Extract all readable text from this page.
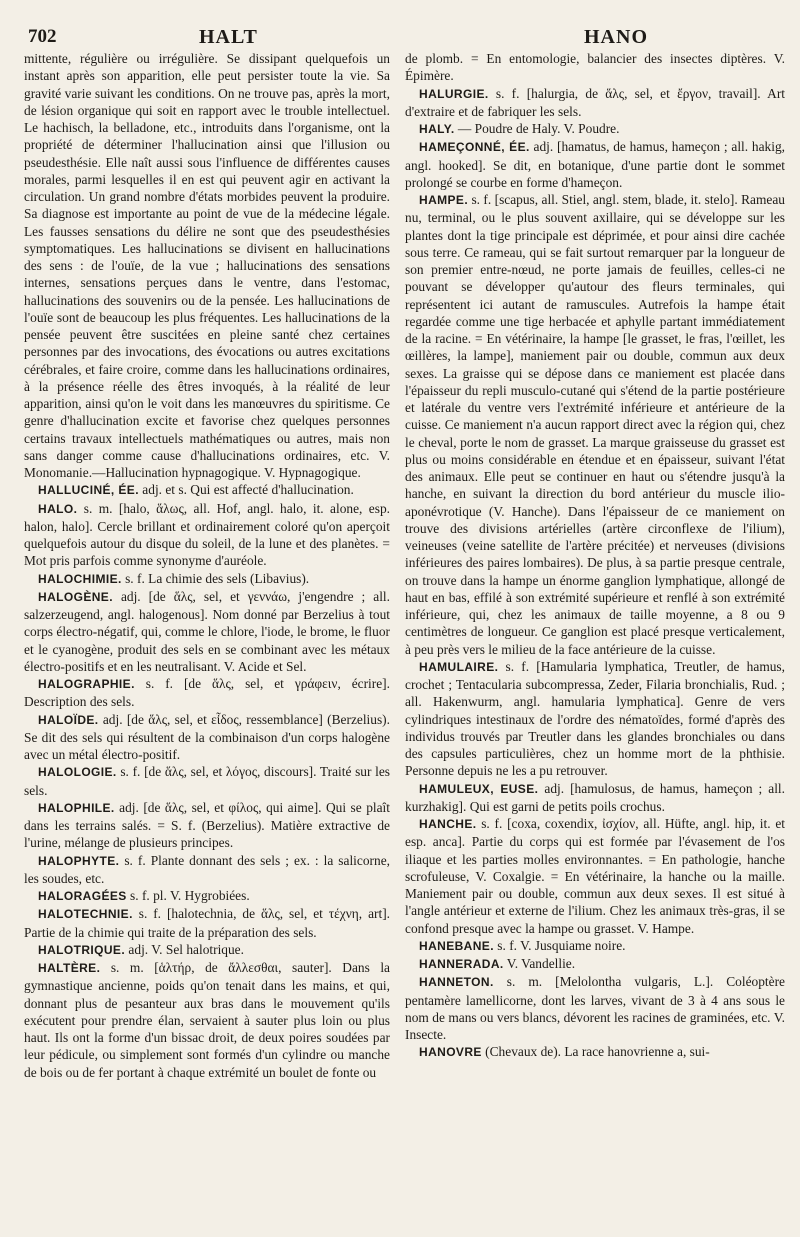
702	HALT	HANO

mittente, régulière ou irrégulière. Se dissipant quelquefois un instant après son apparition, elle peut persister toute la vie. Sa gravité varie suivant les conditions. On ne trouve pas, après la mort, de lésion organique qui soit en rapport avec le trouble intellectuel. Le hachisch, la belladone, etc., introduits dans l'organisme, ont la propriété de déterminer l'hallucination ainsi que l'illusion ou pseudesthésie. Elle naît aussi sous l'influence de différentes causes morales, parmi lesquelles il en est qui peuvent agir en activant la circulation. Un grand nombre d'états morbides peuvent la produire. Sa diagnose est importante au point de vue de la médecine légale. Les fausses sensations du délire ne sont que des pseudesthésies symptomatiques. Les hallucinations se divisent en hallucinations des sens : de l'ouïe, de la vue ; hallucinations des sensations internes, sensations perçues dans le ventre, dans l'estomac, hallucinations des souvenirs ou de la pensée. Les hallucinations de l'ouïe sont de beaucoup les plus fréquentes. Les hallucinations de la pensée peuvent être suscitées en pleine santé chez certaines personnes par des invocations, des évocations ou autres excitations cérébrales, et faire croire, comme dans les hallucinations ordinaires, à la présence réelle des êtres invoqués, à la réalité de leur apparition, ainsi qu'on le voit dans les manœuvres du spiritisme. Ce genre d'hallucination excite et favorise chez quelques personnes certains travaux intellectuels mathématiques ou autres, mais non sans danger comme cause d'hallucinations ordinaires, etc. V. Monomanie.—Hallucination hypnagogique. V. Hypnagogique.

HALLUCINÉ, ÉE. adj. et s. Qui est affecté d'hallucination.

HALO. s. m. [halo, ἅλως, all. Hof, angl. halo, it. alone, esp. halon, halo]. Cercle brillant et ordinairement coloré qu'on aperçoit quelquefois autour du disque du soleil, de la lune et des planètes. = Mot pris parfois comme synonyme d'auréole.

HALOCHIMIE. s. f. La chimie des sels (Libavius).

HALOGÈNE. adj. [de ἅλς, sel, et γεννάω, j'engendre ; all. salzerzeugend, angl. halogenous]. Nom donné par Berzelius à tout corps électro-négatif, qui, comme le chlore, l'iode, le brome, le fluor et le cyanogène, produit des sels en se combinant avec les métaux électro-positifs et en les neutralisant. V. Acide et Sel.

HALOGRAPHIE. s. f. [de ἅλς, sel, et γράφειν, écrire]. Description des sels.

HALOÏDE. adj. [de ἅλς, sel, et εἶδος, ressemblance] (Berzelius). Se dit des sels qui résultent de la combinaison d'un corps halogène avec un métal électro-positif.

HALOLOGIE. s. f. [de ἅλς, sel, et λόγος, discours]. Traité sur les sels.

HALOPHILE. adj. [de ἅλς, sel, et φίλος, qui aime]. Qui se plaît dans les terrains salés. = S. f. (Berzelius). Matière extractive de l'urine, mélange de plusieurs principes.

HALOPHYTE. s. f. Plante donnant des sels ; ex. : la salicorne, les soudes, etc.

HALORAGÉES s. f. pl. V. Hygrobiées.

HALOTECHNIE. s. f. [halotechnia, de ἅλς, sel, et τέχνη, art]. Partie de la chimie qui traite de la préparation des sels.

HALOTRIQUE. adj. V. Sel halotrique.

HALTÈRE. s. m. [ἁλτήρ, de ἄλλεσθαι, sauter]. Dans la gymnastique ancienne, poids qu'on tenait dans les mains, et qui, donnant plus de pesanteur aux bras dans le mouvement qu'ils exécutent pour prendre élan, servaient à sauter plus loin ou plus haut. Ils ont la forme d'un bissac droit, de deux poires soudées par leur pédicule, ou simplement sont formés d'un cylindre ou manche de bois ou de fer portant à chaque extrémité un boulet de fonte ou

de plomb. = En entomologie, balancier des insectes diptères. V. Épimère.

HALURGIE. s. f. [halurgia, de ἅλς, sel, et ἔργον, travail]. Art d'extraire et de fabriquer les sels.

HALY. — Poudre de Haly. V. Poudre.

HAMEÇONNÉ, ÉE. adj. [hamatus, de hamus, hameçon ; all. hakig, angl. hooked]. Se dit, en botanique, d'une partie dont le sommet prolongé se courbe en forme d'hameçon.

HAMPE. s. f. [scapus, all. Stiel, angl. stem, blade, it. stelo]. Rameau nu, terminal, ou le plus souvent axillaire, qui se développe sur les plantes dont la tige principale est déprimée, et pour ainsi dire cachée sous terre. Ce rameau, qui se fait surtout remarquer par la longueur de son premier entre-nœud, ne porte jamais de feuilles, celles-ci ne pouvant se développer qu'autour des fleurs terminales, qui représentent ici autant de ramuscules. Autrefois la hampe était regardée comme une tige herbacée et aphylle partant immédiatement de la racine. = En vétérinaire, la hampe [le grasset, le fras, l'œillet, les œillères, la lampe], maniement pair ou double, commun aux deux sexes. La graisse qui se dépose dans ce maniement est placée dans l'épaisseur du repli musculo-cutané qui s'étend de la partie postérieure et latérale du ventre vers l'extrémité inférieure et antérieure de la cuisse. Ce maniement n'a aucun rapport direct avec la région qui, chez le cheval, porte le nom de grasset. La marque graisseuse du grasset est plus ou moins considérable en étendue et en épaisseur, suivant l'état des animaux. Elle peut se continuer en haut ou s'étendre jusqu'à la hanche, en suivant la direction du bord antérieur du muscle ilio-aponévrotique (V. Hanche). Dans l'épaisseur de ce maniement on trouve des divisions artérielles (artère circonflexe de l'ilium), veineuses (veine satellite de l'artère précitée) et nerveuses (divisions inférieures des paires lombaires). De plus, à sa partie presque centrale, on trouve dans la hampe un énorme ganglion lymphatique, allongé de haut en bas, effilé à son extrémité supérieure et renflé à son extrémité inférieure, qui, chez les animaux de taille moyenne, a 8 ou 9 centimètres de longueur. Ce ganglion est placé presque verticalement, à peu près vers le milieu de la face antérieure de la cuisse.

HAMULAIRE. s. f. [Hamularia lymphatica, Treutler, de hamus, crochet ; Tentacularia subcompressa, Zeder, Filaria bronchialis, Rud. ; all. Hakenwurm, angl. hamularia lymphatica]. Genre de vers cylindriques intestinaux de l'ordre des nématoïdes, formé d'après des individus trouvés par Treutler dans les glandes bronchiales ou dans des capsules particulières, chez un homme mort de la phthisie. Personne depuis ne les a pu retrouver.

HAMULEUX, EUSE. adj. [hamulosus, de hamus, hameçon ; all. kurzhakig]. Qui est garni de petits poils crochus.

HANCHE. s. f. [coxa, coxendix, ἰσχίον, all. Hüfte, angl. hip, it. et esp. anca]. Partie du corps qui est formée par l'évasement de l'os iliaque et les parties molles environnantes. = En pathologie, hanche scrofuleuse, V. Coxalgie. = En vétérinaire, la hanche ou la maille. Maniement pair ou double, commun aux deux sexes. Il est situé à l'angle antérieur et externe de l'ilium. Chez les animaux très-gras, il se confond presque avec la hampe ou grasset. V. Hampe.

HANEBANE. s. f. V. Jusquiame noire.

HANNERADA. V. Vandellie.

HANNETON. s. m. [Melolontha vulgaris, L.]. Coléoptère pentamère lamellicorne, dont les larves, vivant de 3 à 4 ans sous le nom de mans ou vers blancs, dévorent les racines de graminées, etc. V. Insecte.

HANOVRE (Chevaux de). La race hanovrienne a, sui-
